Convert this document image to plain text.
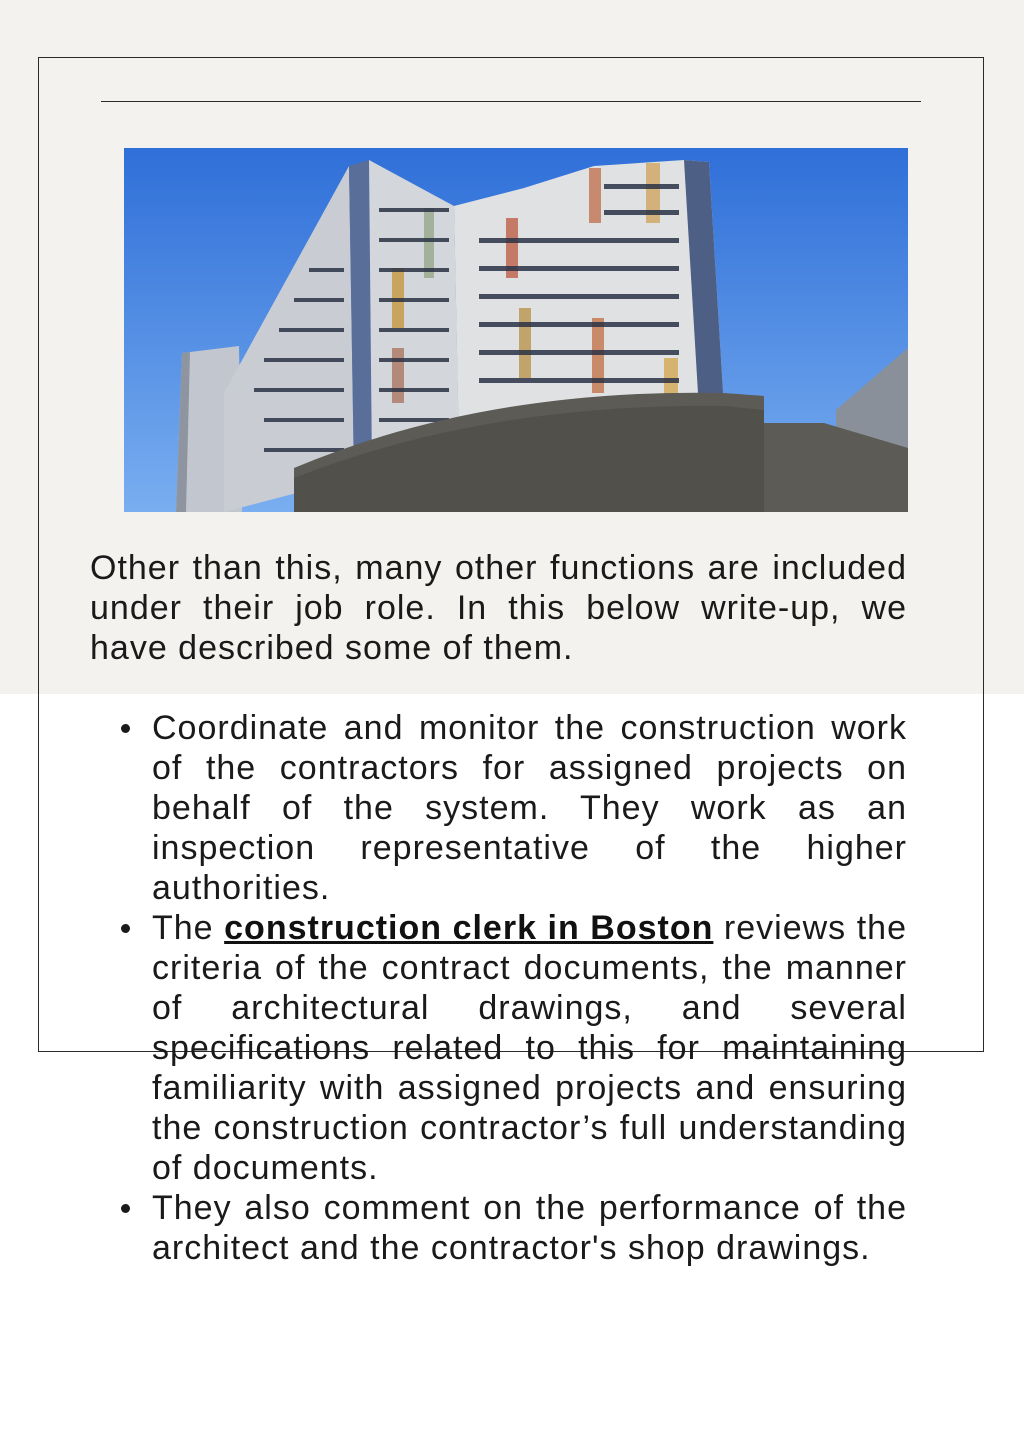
Other than this, many other functions are included under their job role. In this below write-up, we have described some of them.

Coordinate and monitor the construction work of the contractors for assigned projects on behalf of the system. They work as an inspection representative of the higher authorities.
The construction clerk in Boston reviews the criteria of the contract documents, the manner of architectural drawings, and several specifications related to this for maintaining familiarity with assigned projects and ensuring the construction contractor’s full understanding of documents.
They also comment on the performance of the architect and the contractor's shop drawings.
